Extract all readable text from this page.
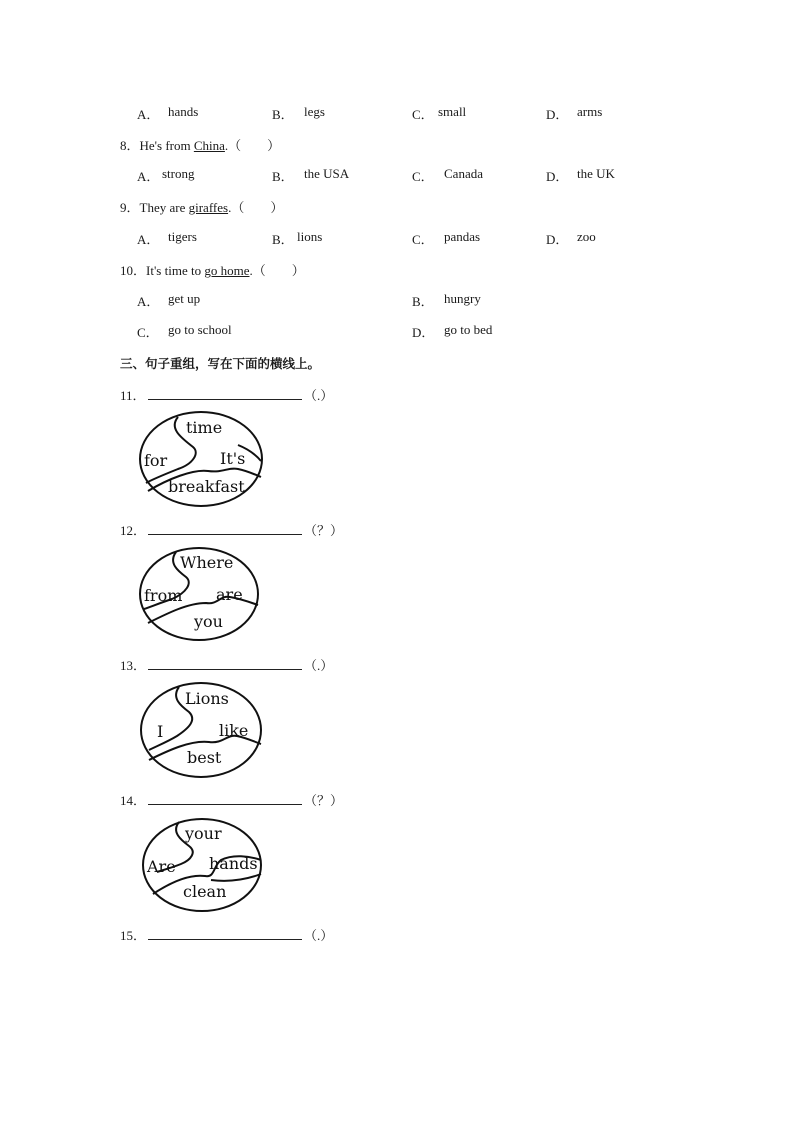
A． hands	B． legs	C． small	D． arms
8．He's from China.（　　）
A． strong	B． the USA	C． Canada	D． the UK
9．They are giraffes.（　　）
A． tigers	B． lions	C． pandas	D． zoo
10．It's time to go home.（　　）
A． get up	B． hungry
C． go to school	D． go to bed
三、句子重组，写在下面的横线上。
11．	（.）
time
for	It's
breakfast
12．	（？）
Where
from are
you
13．	（.）
Lions
I	like
best
14．	（？）
your
Are hands
clean
15．	（.）
